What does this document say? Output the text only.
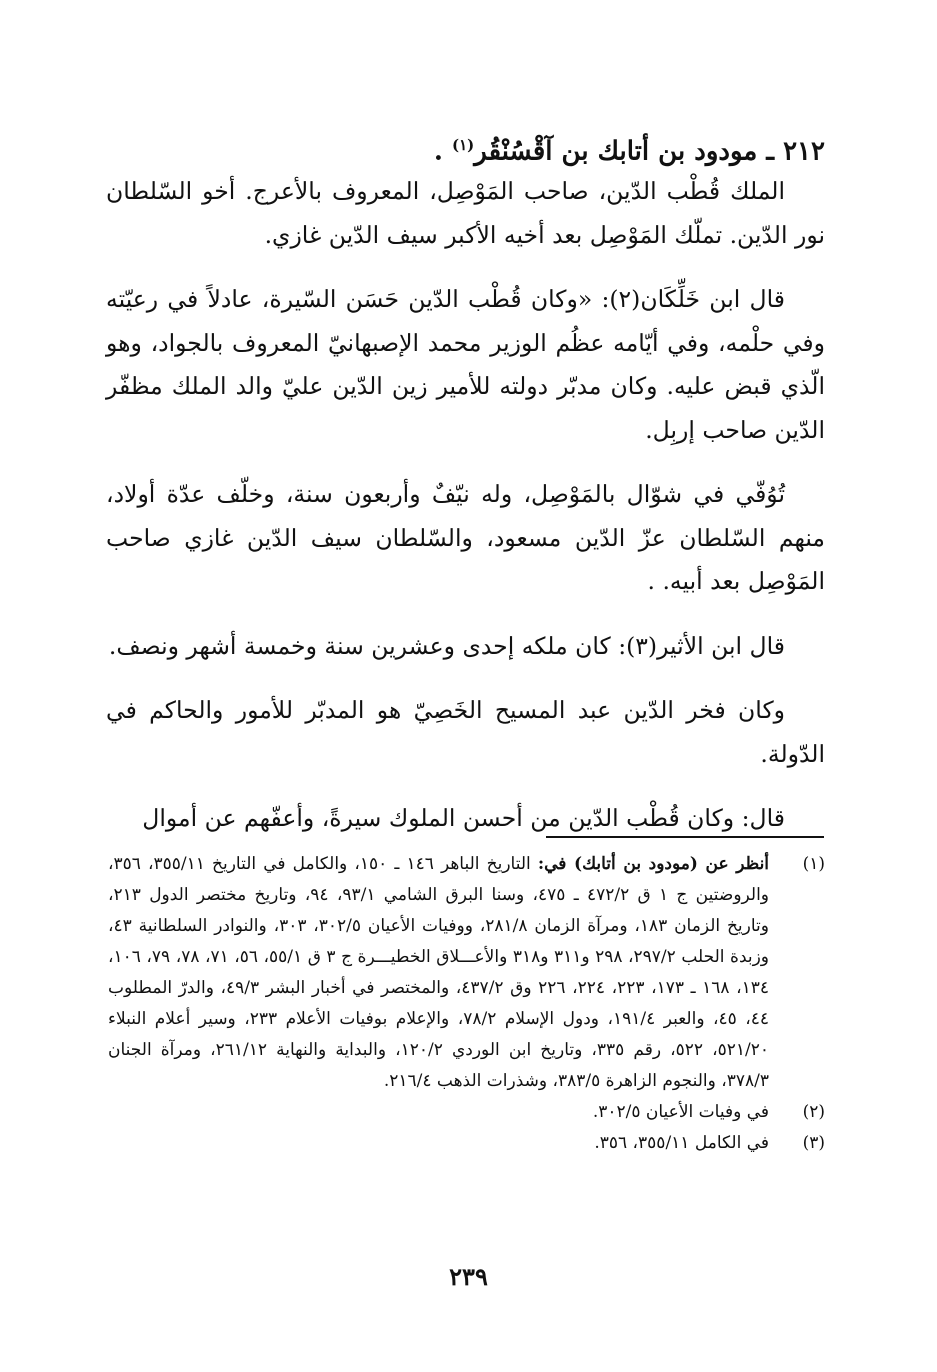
٢١٢ ـ مودود بن أتابك بن آقْسُنْقُر$^{(١)}$ .

الملك قُطْب الدّين، صاحب المَوْصِل، المعروف بالأعرج. أخو السّلطان نور الدّين. تملّك المَوْصِل بعد أخيه الأكبر سيف الدّين غازي.

قال ابن خَلِّكَان(٢): «وكان قُطْب الدّين حَسَن السّيرة، عادلاً في رعيّته وفي حلْمه، وفي أيّامه عظُم الوزير محمد الإصبهانيّ المعروف بالجواد، وهو الّذي قبض عليه. وكان مدبّر دولته للأمير زين الدّين عليّ والد الملك مظفّر الدّين صاحب إربِل.

تُوُفّي في شوّال بالمَوْصِل، وله نيّفٌ وأربعون سنة، وخلّف عدّة أولاد، منهم السّلطان عزّ الدّين مسعود، والسّلطان سيف الدّين غازي صاحب المَوْصِل بعد أبيه. .

قال ابن الأثير(٣): كان ملكه إحدى وعشرين سنة وخمسة أشهر ونصف.

وكان فخر الدّين عبد المسيح الخَصِيّ هو المدبّر للأمور والحاكم في الدّولة.

قال: وكان قُطْب الدّين من أحسن الملوك سيرةً، وأعفّهم عن أموال

(١)
أنظر عن (مودود بن أتابك) في: التاريخ الباهر ١٤٦ ـ ١٥٠، والكامل في التاريخ ٣٥٥/١١، ٣٥٦، والروضتين ج ١ ق ٤٧٢/٢ ـ ٤٧٥، وسنا البرق الشامي ٩٣/١، ٩٤، وتاريخ مختصر الدول ٢١٣، وتاريخ الزمان ١٨٣، ومرآة الزمان ٢٨١/٨، ووفيات الأعيان ٣٠٢/٥، ٣٠٣، والنوادر السلطانية ٤٣، وزبدة الحلب ٢٩٧/٢، ٢٩٨ و٣١١ و٣١٨ والأعـــلاق الخطيـــرة ج ٣ ق ٥٥/١، ٥٦، ٧١، ٧٨، ٧٩، ١٠٦، ١٣٤، ١٦٨ ـ ١٧٣، ٢٢٣، ٢٢٤، ٢٢٦ وق ٤٣٧/٢، والمختصر في أخبار البشر ٤٩/٣، والدرّ المطلوب ٤٤، ٤٥، والعبر ١٩١/٤، ودول الإسلام ٧٨/٢، والإعلام بوفيات الأعلام ٢٣٣، وسير أعلام النبلاء ٥٢١/٢٠، ٥٢٢، رقم ٣٣٥، وتاريخ ابن الوردي ١٢٠/٢، والبداية والنهاية ٢٦١/١٢، ومرآة الجنان ٣٧٨/٣، والنجوم الزاهرة ٣٨٣/٥، وشذرات الذهب ٢١٦/٤.
(٢)
في وفيات الأعيان ٣٠٢/٥.
(٣)
في الكامل ٣٥٥/١١، ٣٥٦.
٢٣٩
